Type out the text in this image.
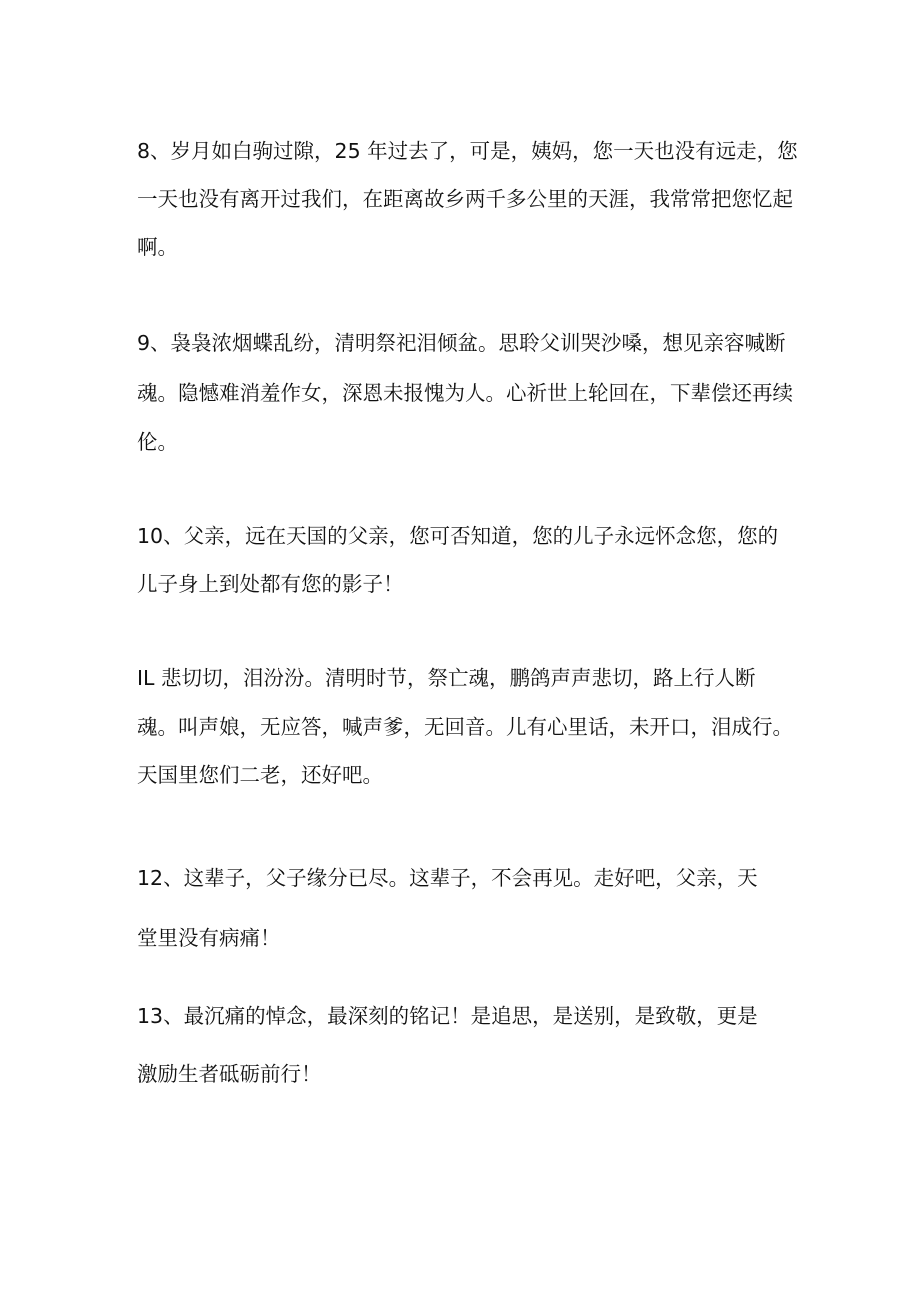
8、岁月如白驹过隙，25 年过去了，可是，姨妈，您一天也没有远走，您
一天也没有离开过我们，在距离故乡两千多公里的天涯，我常常把您忆起
啊。
9、袅袅浓烟蝶乱纷，清明祭祀泪倾盆。思聆父训哭沙嗓，想见亲容喊断
魂。隐憾难消羞作女，深恩未报愧为人。心祈世上轮回在，下辈偿还再续
伦。
10、父亲，远在天国的父亲，您可否知道，您的儿子永远怀念您，您的
儿子身上到处都有您的影子！
IL 悲切切，泪汾汾。清明时节，祭亡魂，鹏鸽声声悲切，路上行人断
魂。叫声娘，无应答，喊声爹，无回音。儿有心里话，未开口，泪成行。
天国里您们二老，还好吧。
12、这辈子，父子缘分已尽。这辈子，不会再见。走好吧，父亲，天
堂里没有病痛！
13、最沉痛的悼念，最深刻的铭记！是追思，是送别，是致敬，更是
激励生者砥砺前行！
